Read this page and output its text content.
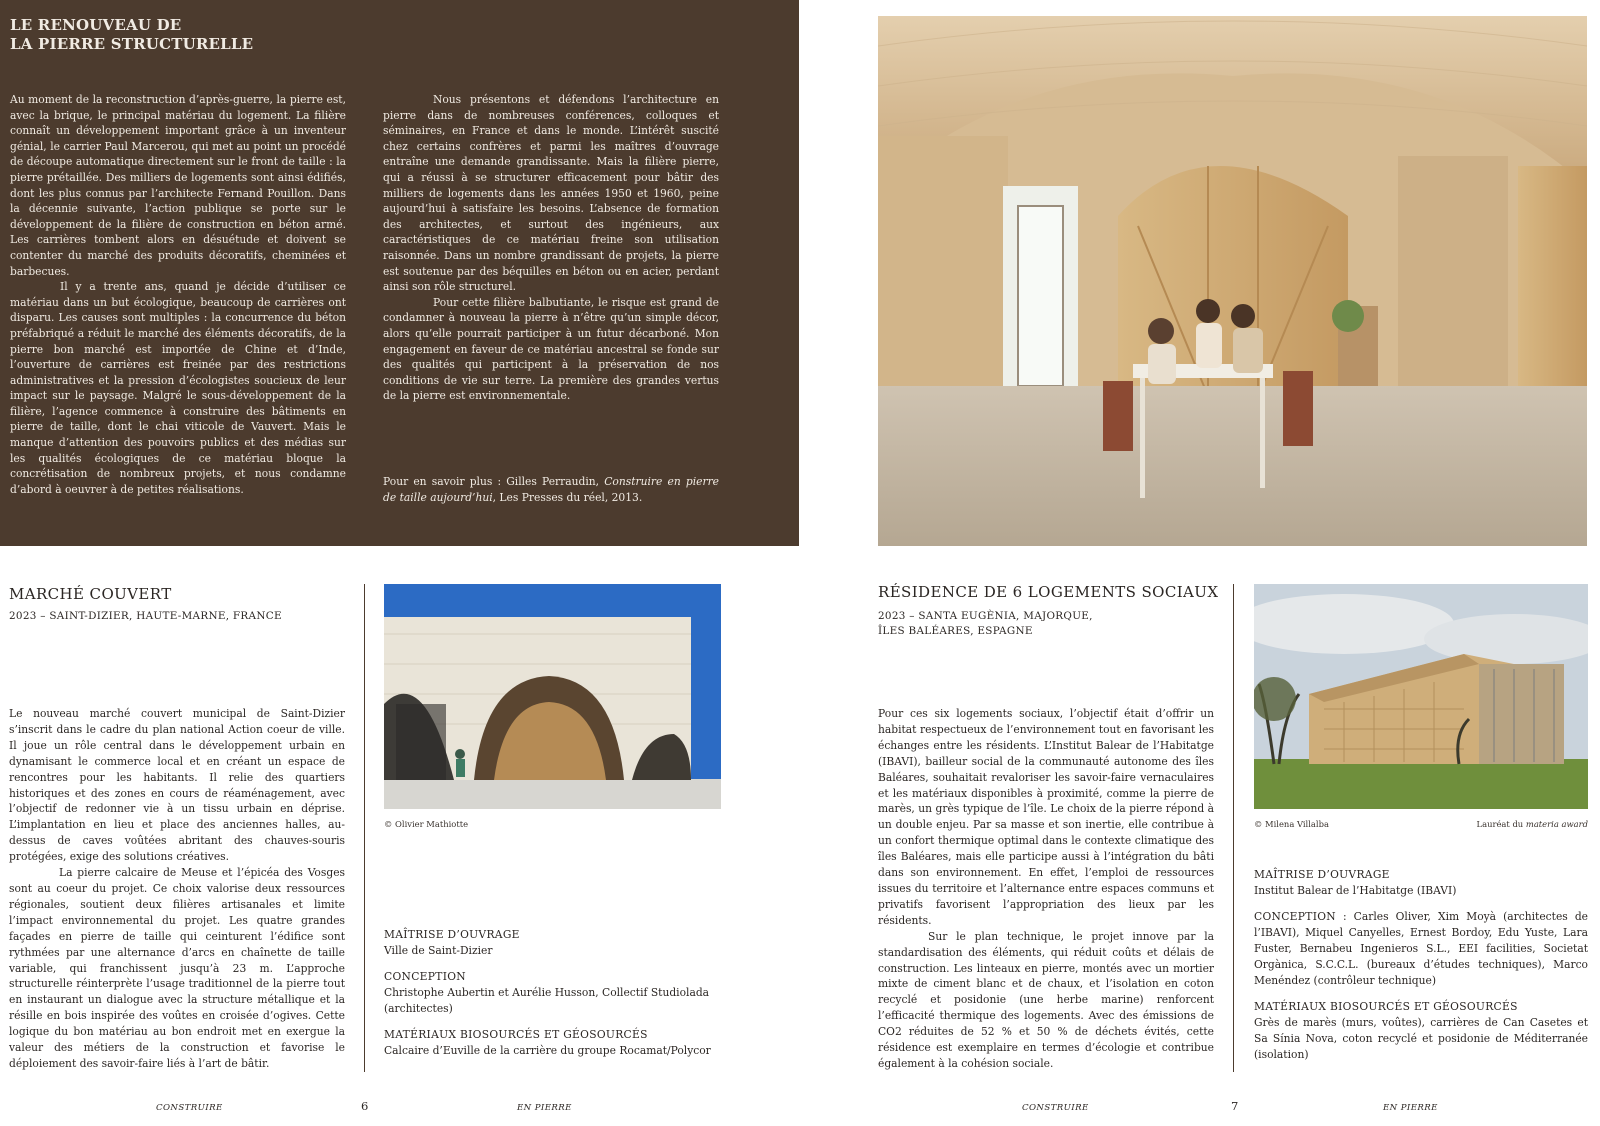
LE RENOUVEAU DE
LA PIERRE STRUCTURELLE

Au moment de la reconstruction d’après-guerre, la pierre est, avec la brique, le principal matériau du logement. La filière connaît un développement important grâce à un inventeur génial, le carrier Paul Marcerou, qui met au point un procédé de découpe automatique directement sur le front de taille : la pierre prétaillée. Des milliers de logements sont ainsi édifiés, dont les plus connus par l’architecte Fernand Pouillon. Dans la décennie suivante, l’action publique se porte sur le développement de la filière de construction en béton armé. Les carrières tombent alors en désuétude et doivent se contenter du marché des produits décoratifs, cheminées et barbecues.

Il y a trente ans, quand je décide d’utiliser ce matériau dans un but écologique, beaucoup de carrières ont disparu. Les causes sont multiples : la concurrence du béton préfabriqué a réduit le marché des éléments décoratifs, de la pierre bon marché est importée de Chine et d’Inde, l’ouverture de carrières est freinée par des restrictions administratives et la pression d’écologistes soucieux de leur impact sur le paysage. Malgré le sous-développement de la filière, l’agence commence à construire des bâtiments en pierre de taille, dont le chai viticole de Vauvert. Mais le manque d’attention des pouvoirs publics et des médias sur les qualités écologiques de ce matériau bloque la concrétisation de nombreux projets, et nous condamne d’abord à oeuvrer à de petites réalisations.

Nous présentons et défendons l’architecture en pierre dans de nombreuses conférences, colloques et séminaires, en France et dans le monde. L’intérêt suscité chez certains confrères et parmi les maîtres d’ouvrage entraîne une demande grandissante. Mais la filière pierre, qui a réussi à se structurer efficacement pour bâtir des milliers de logements dans les années 1950 et 1960, peine aujourd’hui à satisfaire les besoins. L’absence de formation des architectes, et surtout des ingénieurs, aux caractéristiques de ce matériau freine son utilisation raisonnée. Dans un nombre grandissant de projets, la pierre est soutenue par des béquilles en béton ou en acier, perdant ainsi son rôle structurel.

Pour cette filière balbutiante, le risque est grand de condamner à nouveau la pierre à n’être qu’un simple décor, alors qu’elle pourrait participer à un futur décarboné. Mon engagement en faveur de ce matériau ancestral se fonde sur des qualités qui participent à la préservation de nos conditions de vie sur terre. La première des grandes vertus de la pierre est environnementale.

Pour en savoir plus : Gilles Perraudin, Construire en pierre de taille aujourd’hui, Les Presses du réel, 2013.
MARCHÉ COUVERT
2023 – SAINT-DIZIER, HAUTE-MARNE, FRANCE

Le nouveau marché couvert municipal de Saint-Dizier s’inscrit dans le cadre du plan national Action coeur de ville. Il joue un rôle central dans le développement urbain en dynamisant le commerce local et en créant un espace de rencontres pour les habitants. Il relie des quartiers historiques et des zones en cours de réaménagement, avec l’objectif de redonner vie à un tissu urbain en déprise. L’implantation en lieu et place des anciennes halles, au-dessus de caves voûtées abritant des chauves-souris protégées, exige des solutions créatives.

La pierre calcaire de Meuse et l’épicéa des Vosges sont au coeur du projet. Ce choix valorise deux ressources régionales, soutient deux filières artisanales et limite l’impact environnemental du projet. Les quatre grandes façades en pierre de taille qui ceinturent l’édifice sont rythmées par une alternance d’arcs en chaînette de taille variable, qui franchissent jusqu’à 23 m. L’approche structurelle réinterprète l’usage traditionnel de la pierre tout en instaurant un dialogue avec la structure métallique et la résille en bois inspirée des voûtes en croisée d’ogives. Cette logique du bon matériau au bon endroit met en exergue la valeur des métiers de la construction et favorise le déploiement des savoir-faire liés à l’art de bâtir.

© Olivier Mathiotte
MAÎTRISE D’OUVRAGE
Ville de Saint-Dizier
CONCEPTION
Christophe Aubertin et Aurélie Husson, Collectif Studiolada (architectes)
MATÉRIAUX BIOSOURCÉS ET GÉOSOURCÉS
Calcaire d’Euville de la carrière du groupe Rocamat/Polycor
RÉSIDENCE DE 6 LOGEMENTS SOCIAUX
2023 – SANTA EUGÈNIA, MAJORQUE,
ÎLES BALÉARES, ESPAGNE

Pour ces six logements sociaux, l’objectif était d’offrir un habitat respectueux de l’environnement tout en favorisant les échanges entre les résidents. L’Institut Balear de l’Habitatge (IBAVI), bailleur social de la communauté autonome des îles Baléares, souhaitait revaloriser les savoir-faire vernaculaires et les matériaux disponibles à proximité, comme la pierre de marès, un grès typique de l’île. Le choix de la pierre répond à un double enjeu. Par sa masse et son inertie, elle contribue à un confort thermique optimal dans le contexte climatique des îles Baléares, mais elle participe aussi à l’intégration du bâti dans son environnement. En effet, l’emploi de ressources issues du territoire et l’alternance entre espaces communs et privatifs favorisent l’appropriation des lieux par les résidents.

Sur le plan technique, le projet innove par la standardisation des éléments, qui réduit coûts et délais de construction. Les linteaux en pierre, montés avec un mortier mixte de ciment blanc et de chaux, et l’isolation en coton recyclé et posidonie (une herbe marine) renforcent l’efficacité thermique des logements. Avec des émissions de CO2 réduites de 52 % et 50 % de déchets évités, cette résidence est exemplaire en termes d’écologie et contribue également à la cohésion sociale.

© Milena Villalba	Lauréat du materia award
MAÎTRISE D’OUVRAGE
Institut Balear de l’Habitatge (IBAVI)
CONCEPTION : Carles Oliver, Xim Moyà (architectes de l’IBAVI), Miquel Canyelles, Ernest Bordoy, Edu Yuste, Lara Fuster, Bernabeu Ingenieros S.L., EEI facilities, Societat Orgànica, S.C.C.L. (bureaux d’études techniques), Marco Menéndez (contrôleur technique)
MATÉRIAUX BIOSOURCÉS ET GÉOSOURCÉS
Grès de marès (murs, voûtes), carrières de Can Casetes et Sa Sínia Nova, coton recyclé et posidonie de Méditerranée (isolation)
CONSTRUIRE	6	EN PIERRE	CONSTRUIRE	7	EN PIERRE
